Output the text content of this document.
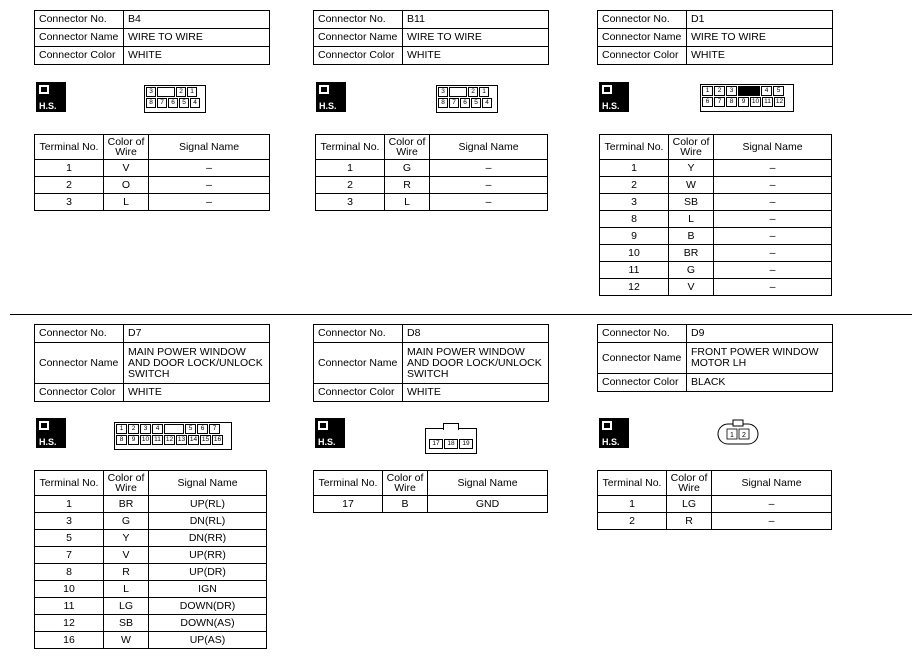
Connector No.	B4
Connector Name	WIRE TO WIRE
Connector Color	WHITE
H.S.
3	2	1
8	7	6	5	4
Terminal No.	Color of Wire	Signal Name
1	V	–
2	O	–
3	L	–
Connector No.	B11
Connector Name	WIRE TO WIRE
Connector Color	WHITE
H.S.
3	2	1
8	7	6	5	4
Terminal No.	Color of Wire	Signal Name
1	G	–
2	R	–
3	L	–
Connector No.	D1
Connector Name	WIRE TO WIRE
Connector Color	WHITE
H.S.
1	2	3	4	5
6	7	8	9	10 11 12
Terminal No.	Color of Wire	Signal Name
1	Y	–
2	W	–
3	SB	–
8	L	–
9	B	–
10	BR	–
11	G	–
12	V	–
Connector No.	D7
Connector Name	MAIN POWER WINDOW AND DOOR LOCK/UNLOCK SWITCH
Connector Color	WHITE
H.S.
1	2	3	4	5	6	7
8	9	10 11 12 13 14 15 16
Terminal No.	Color of Wire	Signal Name
1	BR	UP(RL)
3	G	DN(RL)
5	Y	DN(RR)
7	V	UP(RR)
8	R	UP(DR)
10	L	IGN
11	LG	DOWN(DR)
12	SB	DOWN(AS)
16	W	UP(AS)
Connector No.	D8
Connector Name	MAIN POWER WINDOW AND DOOR LOCK/UNLOCK SWITCH
Connector Color	WHITE
H.S.	17	18	19
Terminal No.	Color of Wire	Signal Name
17	B	GND
Connector No.	D9
Connector Name	FRONT POWER WINDOW MOTOR LH
Connector Color	BLACK
H.S.
1 2
Terminal No.	Color of Wire	Signal Name
1	LG	–
2	R	–
